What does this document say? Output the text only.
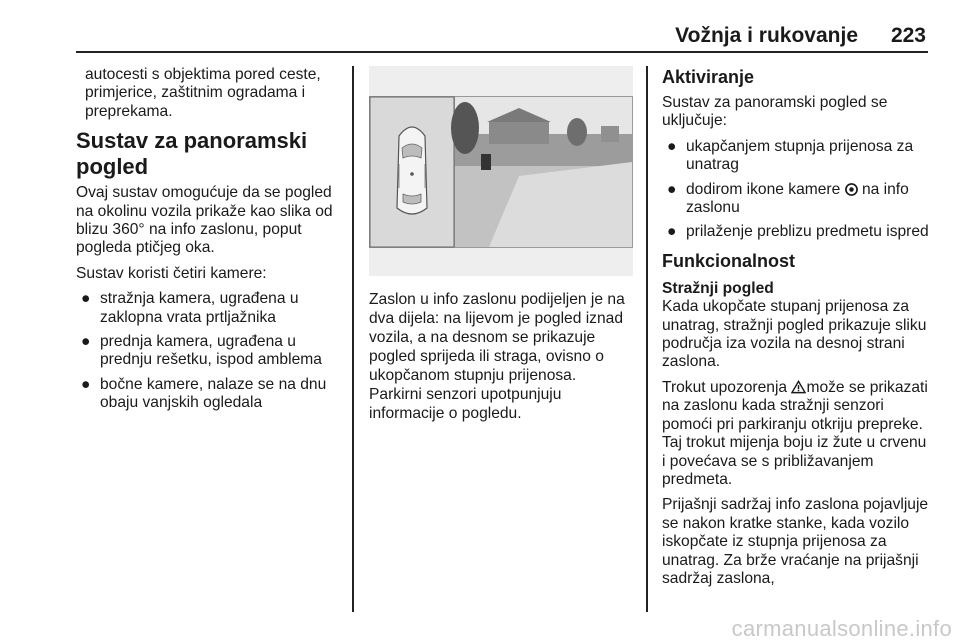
Vožnja i rukovanje 223

autocesti s objektima pored ceste, primjerice, zaštitnim ogradama i preprekama.

Sustav za panoramski pogled

Ovaj sustav omogućuje da se pogled na okolinu vozila prikaže kao slika od blizu 360° na info zaslonu, poput pogleda ptičjeg oka.

Sustav koristi četiri kamere:

● stražnja kamera, ugrađena u zaklopna vrata prtljažnika
● prednja kamera, ugrađena u prednju rešetku, ispod amblema
● bočne kamere, nalaze se na dnu obaju vanjskih ogledala

Zaslon u info zaslonu podijeljen je na dva dijela: na lijevom je pogled iznad vozila, a na desnom se prikazuje pogled sprijeda ili straga, ovisno o ukopčanom stupnju prijenosa. Parkirni senzori upotpunjuju informacije o pogledu.

Aktiviranje

Sustav za panoramski pogled se uključuje:

● ukapčanjem stupnja prijenosa za unatrag
● dodirom ikone kamere  na info zaslonu
● prilaženje preblizu predmetu ispred
Funkcionalnost
Stražnji pogled

Kada ukopčate stupanj prijenosa za unatrag, stražnji pogled prikazuje sliku područja iza vozila na desnoj strani zaslona.

Trokut upozorenja može se prikazati na zaslonu kada stražnji senzori pomoći pri parkiranju otkriju prepreke. Taj trokut mijenja boju iz žute u crvenu i povećava se s približavanjem predmeta.

Prijašnji sadržaj info zaslona pojavljuje se nakon kratke stanke, kada vozilo iskopčate iz stupnja prijenosa za unatrag. Za brže vraćanje na prijašnji sadržaj zaslona,

carmanualsonline.info
